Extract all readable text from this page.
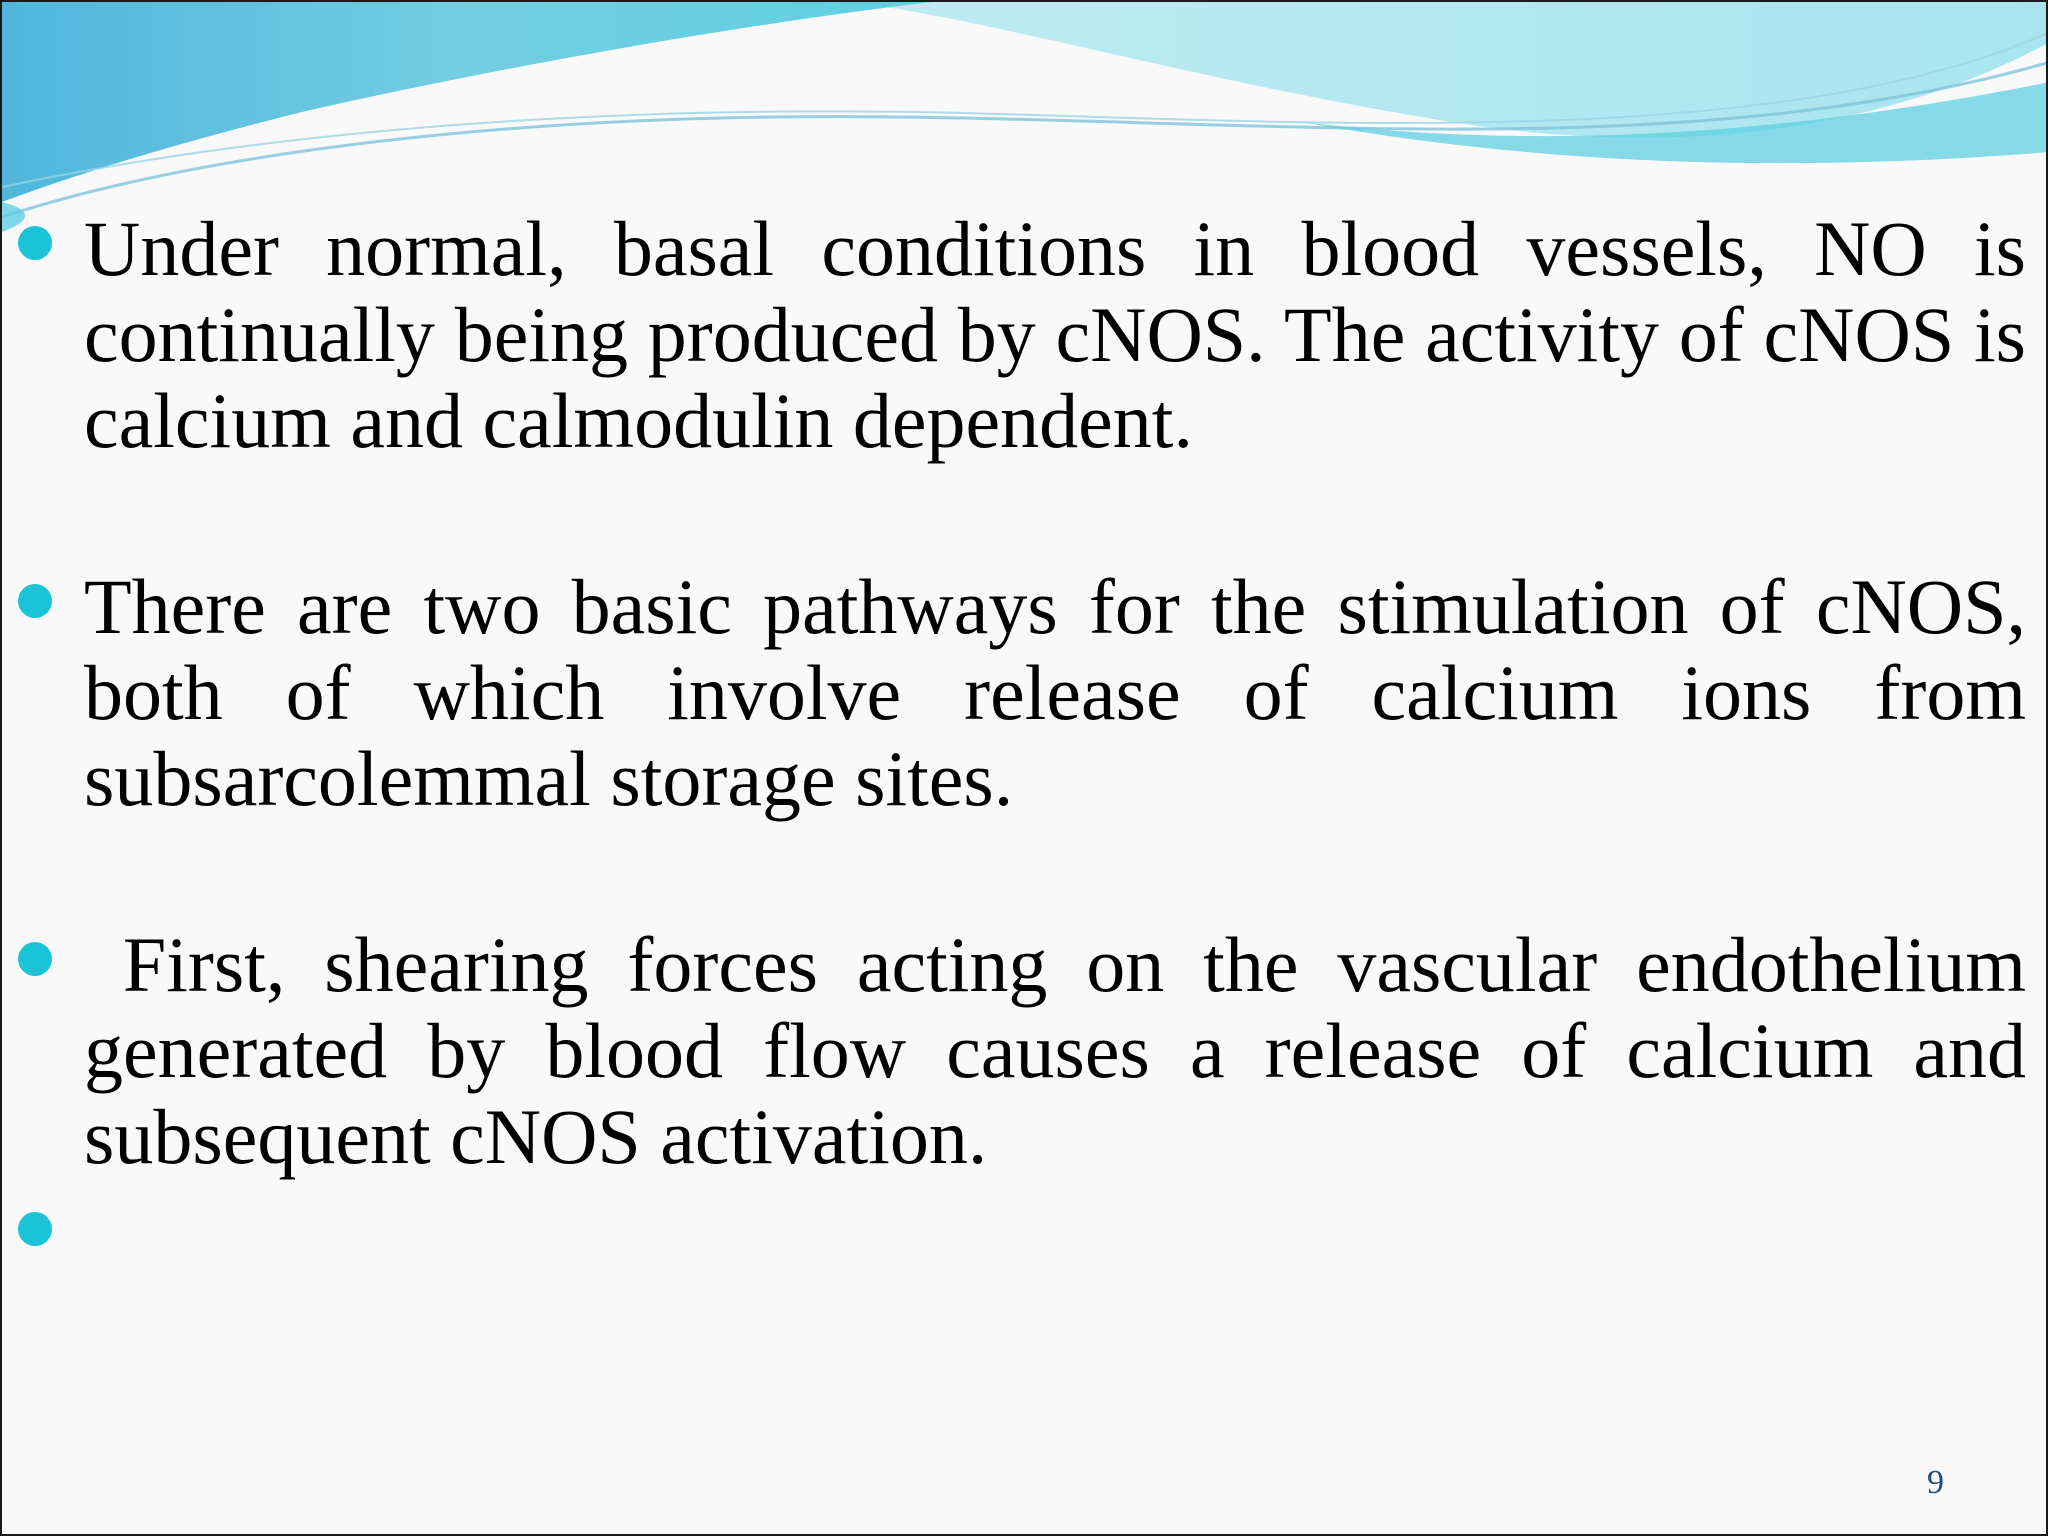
Under normal, basal conditions in blood vessels, NO is continually being produced by cNOS. The activity of cNOS is calcium and calmodulin dependent.
There are two basic pathways for the stimulation of cNOS, both of which involve release of calcium ions from subsarcolemmal storage sites.
First, shearing forces acting on the vascular endothelium generated by blood flow causes a release of calcium and subsequent cNOS activation.
9
